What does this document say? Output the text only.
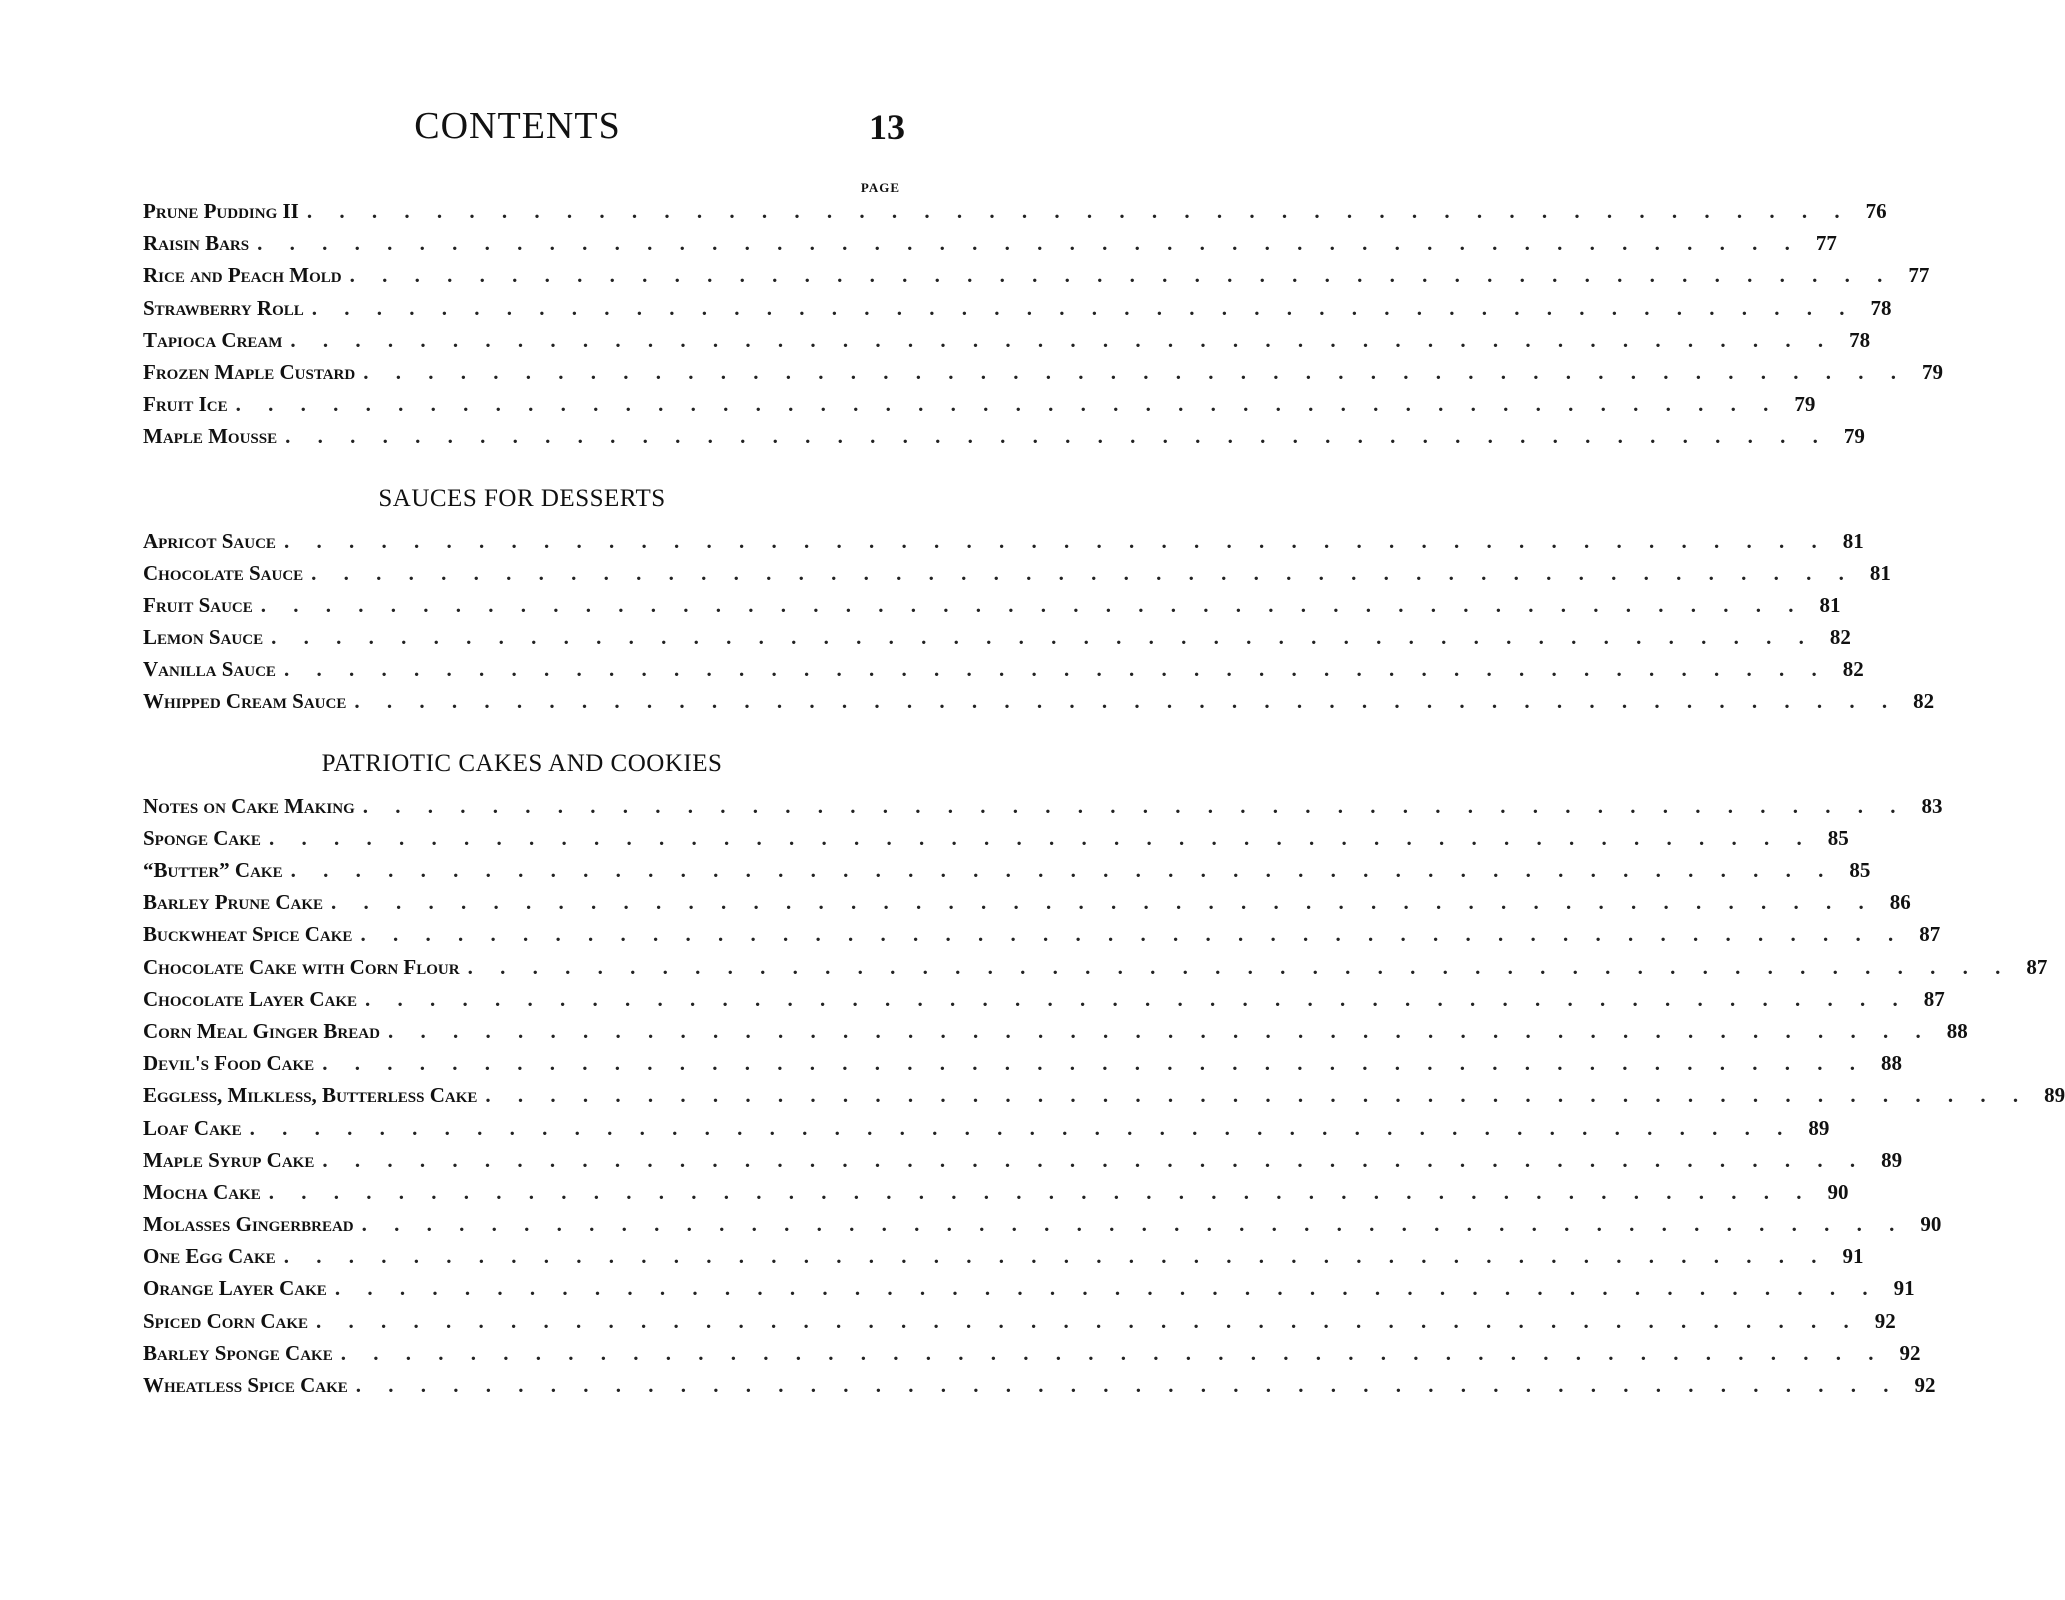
CONTENTS	13
PAGE
Prune Pudding II . . . . . . . . . . . . . . . . . . . . . . . . . . . . . . . . . . . . . . . . . . . . . . . . 76
Raisin Bars . . . . . . . . . . . . . . . . . . . . . . . . . . . . . . . . . . . . . . . . . . . . . . . . 77
Rice and Peach Mold . . . . . . . . . . . . . . . . . . . . . . . . . . . . . . . . . . . . . . . . . . . . . . . . 77
Strawberry Roll . . . . . . . . . . . . . . . . . . . . . . . . . . . . . . . . . . . . . . . . . . . . . . . . 78
Tapioca Cream . . . . . . . . . . . . . . . . . . . . . . . . . . . . . . . . . . . . . . . . . . . . . . . . 78
Frozen Maple Custard . . . . . . . . . . . . . . . . . . . . . . . . . . . . . . . . . . . . . . . . . . . . . . . . 79
Fruit Ice . . . . . . . . . . . . . . . . . . . . . . . . . . . . . . . . . . . . . . . . . . . . . . . . 79
Maple Mousse . . . . . . . . . . . . . . . . . . . . . . . . . . . . . . . . . . . . . . . . . . . . . . . . 79
SAUCES FOR DESSERTS
Apricot Sauce . . . . . . . . . . . . . . . . . . . . . . . . . . . . . . . . . . . . . . . . . . . . . . . . 81
Chocolate Sauce . . . . . . . . . . . . . . . . . . . . . . . . . . . . . . . . . . . . . . . . . . . . . . . . 81
Fruit Sauce . . . . . . . . . . . . . . . . . . . . . . . . . . . . . . . . . . . . . . . . . . . . . . . . 81
Lemon Sauce . . . . . . . . . . . . . . . . . . . . . . . . . . . . . . . . . . . . . . . . . . . . . . . . 82
Vanilla Sauce . . . . . . . . . . . . . . . . . . . . . . . . . . . . . . . . . . . . . . . . . . . . . . . . 82
Whipped Cream Sauce . . . . . . . . . . . . . . . . . . . . . . . . . . . . . . . . . . . . . . . . . . . . . . . . 82
PATRIOTIC CAKES AND COOKIES
Notes on Cake Making . . . . . . . . . . . . . . . . . . . . . . . . . . . . . . . . . . . . . . . . . . . . . . . . 83
Sponge Cake . . . . . . . . . . . . . . . . . . . . . . . . . . . . . . . . . . . . . . . . . . . . . . . . 85
“Butter” Cake . . . . . . . . . . . . . . . . . . . . . . . . . . . . . . . . . . . . . . . . . . . . . . . . 85
Barley Prune Cake . . . . . . . . . . . . . . . . . . . . . . . . . . . . . . . . . . . . . . . . . . . . . . . . 86
Buckwheat Spice Cake . . . . . . . . . . . . . . . . . . . . . . . . . . . . . . . . . . . . . . . . . . . . . . . . 87
Chocolate Cake with Corn Flour . . . . . . . . . . . . . . . . . . . . . . . . . . . . . . . . . . . . . . . . . . . . . . . . 87
Chocolate Layer Cake . . . . . . . . . . . . . . . . . . . . . . . . . . . . . . . . . . . . . . . . . . . . . . . . 87
Corn Meal Ginger Bread . . . . . . . . . . . . . . . . . . . . . . . . . . . . . . . . . . . . . . . . . . . . . . . . 88
Devil's Food Cake . . . . . . . . . . . . . . . . . . . . . . . . . . . . . . . . . . . . . . . . . . . . . . . . 88
Eggless, Milkless, Butterless Cake . . . . . . . . . . . . . . . . . . . . . . . . . . . . . . . . . . . . . . . . . . . . . . . . 89
Loaf Cake . . . . . . . . . . . . . . . . . . . . . . . . . . . . . . . . . . . . . . . . . . . . . . . . 89
Maple Syrup Cake . . . . . . . . . . . . . . . . . . . . . . . . . . . . . . . . . . . . . . . . . . . . . . . . 89
Mocha Cake . . . . . . . . . . . . . . . . . . . . . . . . . . . . . . . . . . . . . . . . . . . . . . . . 90
Molasses Gingerbread . . . . . . . . . . . . . . . . . . . . . . . . . . . . . . . . . . . . . . . . . . . . . . . . 90
One Egg Cake . . . . . . . . . . . . . . . . . . . . . . . . . . . . . . . . . . . . . . . . . . . . . . . . 91
Orange Layer Cake . . . . . . . . . . . . . . . . . . . . . . . . . . . . . . . . . . . . . . . . . . . . . . . . 91
Spiced Corn Cake . . . . . . . . . . . . . . . . . . . . . . . . . . . . . . . . . . . . . . . . . . . . . . . . 92
Barley Sponge Cake . . . . . . . . . . . . . . . . . . . . . . . . . . . . . . . . . . . . . . . . . . . . . . . . 92
Wheatless Spice Cake . . . . . . . . . . . . . . . . . . . . . . . . . . . . . . . . . . . . . . . . . . . . . . . . 92
